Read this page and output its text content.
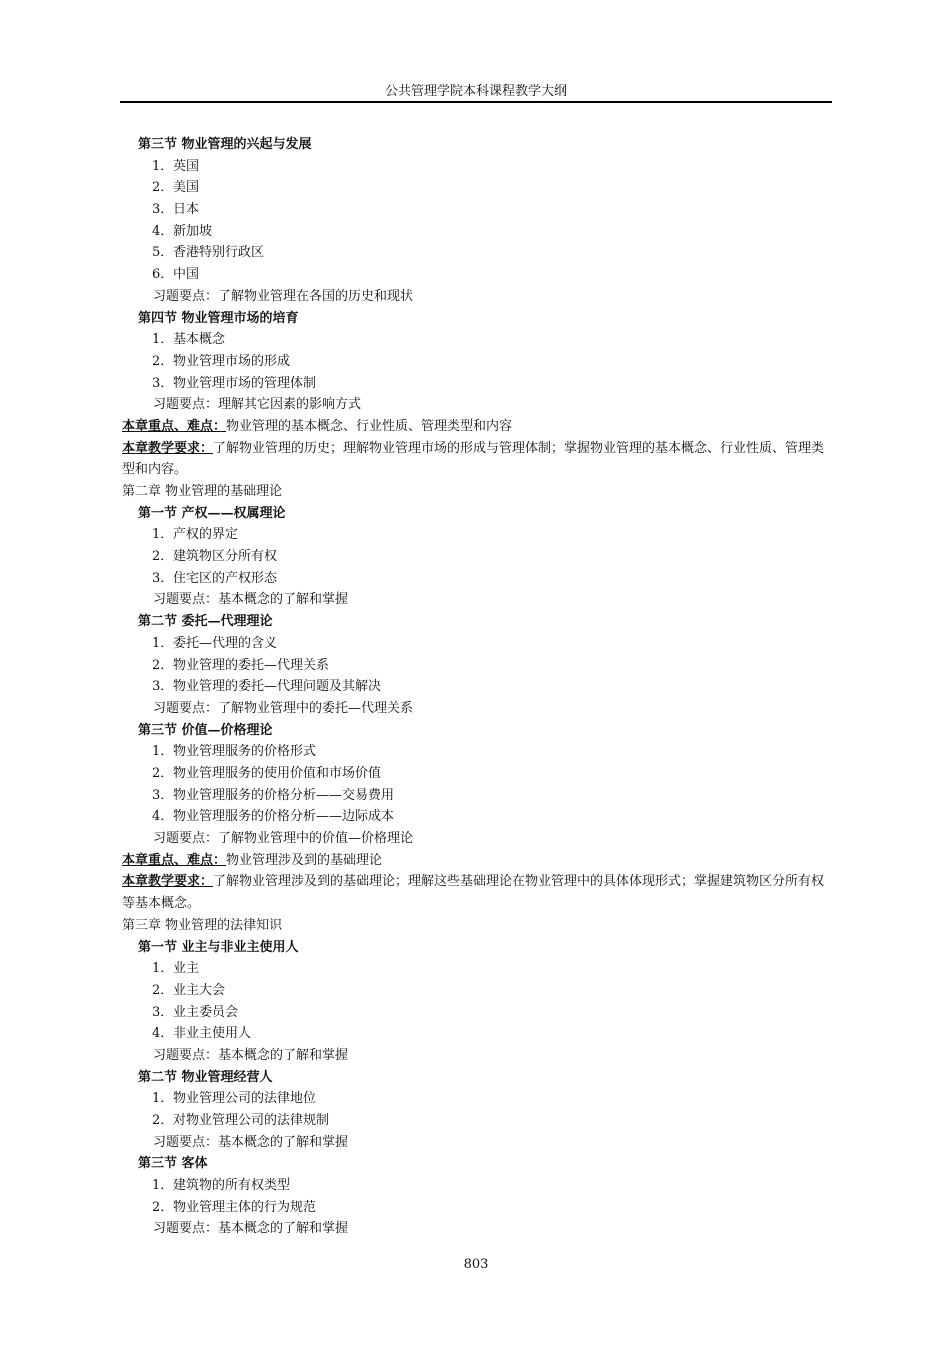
公共管理学院本科课程教学大纲
第三节 物业管理的兴起与发展
1．英国
2．美国
3．日本
4．新加坡
5．香港特别行政区
6．中国
习题要点：了解物业管理在各国的历史和现状
第四节 物业管理市场的培育
1．基本概念
2．物业管理市场的形成
3．物业管理市场的管理体制
习题要点：理解其它因素的影响方式
本章重点、难点：物业管理的基本概念、行业性质、管理类型和内容
本章教学要求：了解物业管理的历史；理解物业管理市场的形成与管理体制；掌握物业管理的基本概念、行业性质、管理类型和内容。
第二章 物业管理的基础理论
第一节 产权——权属理论
1．产权的界定
2．建筑物区分所有权
3．住宅区的产权形态
习题要点：基本概念的了解和掌握
第二节 委托—代理理论
1．委托—代理的含义
2．物业管理的委托—代理关系
3．物业管理的委托—代理问题及其解决
习题要点：了解物业管理中的委托—代理关系
第三节 价值—价格理论
1．物业管理服务的价格形式
2．物业管理服务的使用价值和市场价值
3．物业管理服务的价格分析——交易费用
4．物业管理服务的价格分析——边际成本
习题要点：了解物业管理中的价值—价格理论
本章重点、难点：物业管理涉及到的基础理论
本章教学要求：了解物业管理涉及到的基础理论；理解这些基础理论在物业管理中的具体体现形式；掌握建筑物区分所有权等基本概念。
第三章 物业管理的法律知识
第一节 业主与非业主使用人
1．业主
2．业主大会
3．业主委员会
4．非业主使用人
习题要点：基本概念的了解和掌握
第二节 物业管理经营人
1．物业管理公司的法律地位
2．对物业管理公司的法律规制
习题要点：基本概念的了解和掌握
第三节 客体
1．建筑物的所有权类型
2．物业管理主体的行为规范
习题要点：基本概念的了解和掌握
803
